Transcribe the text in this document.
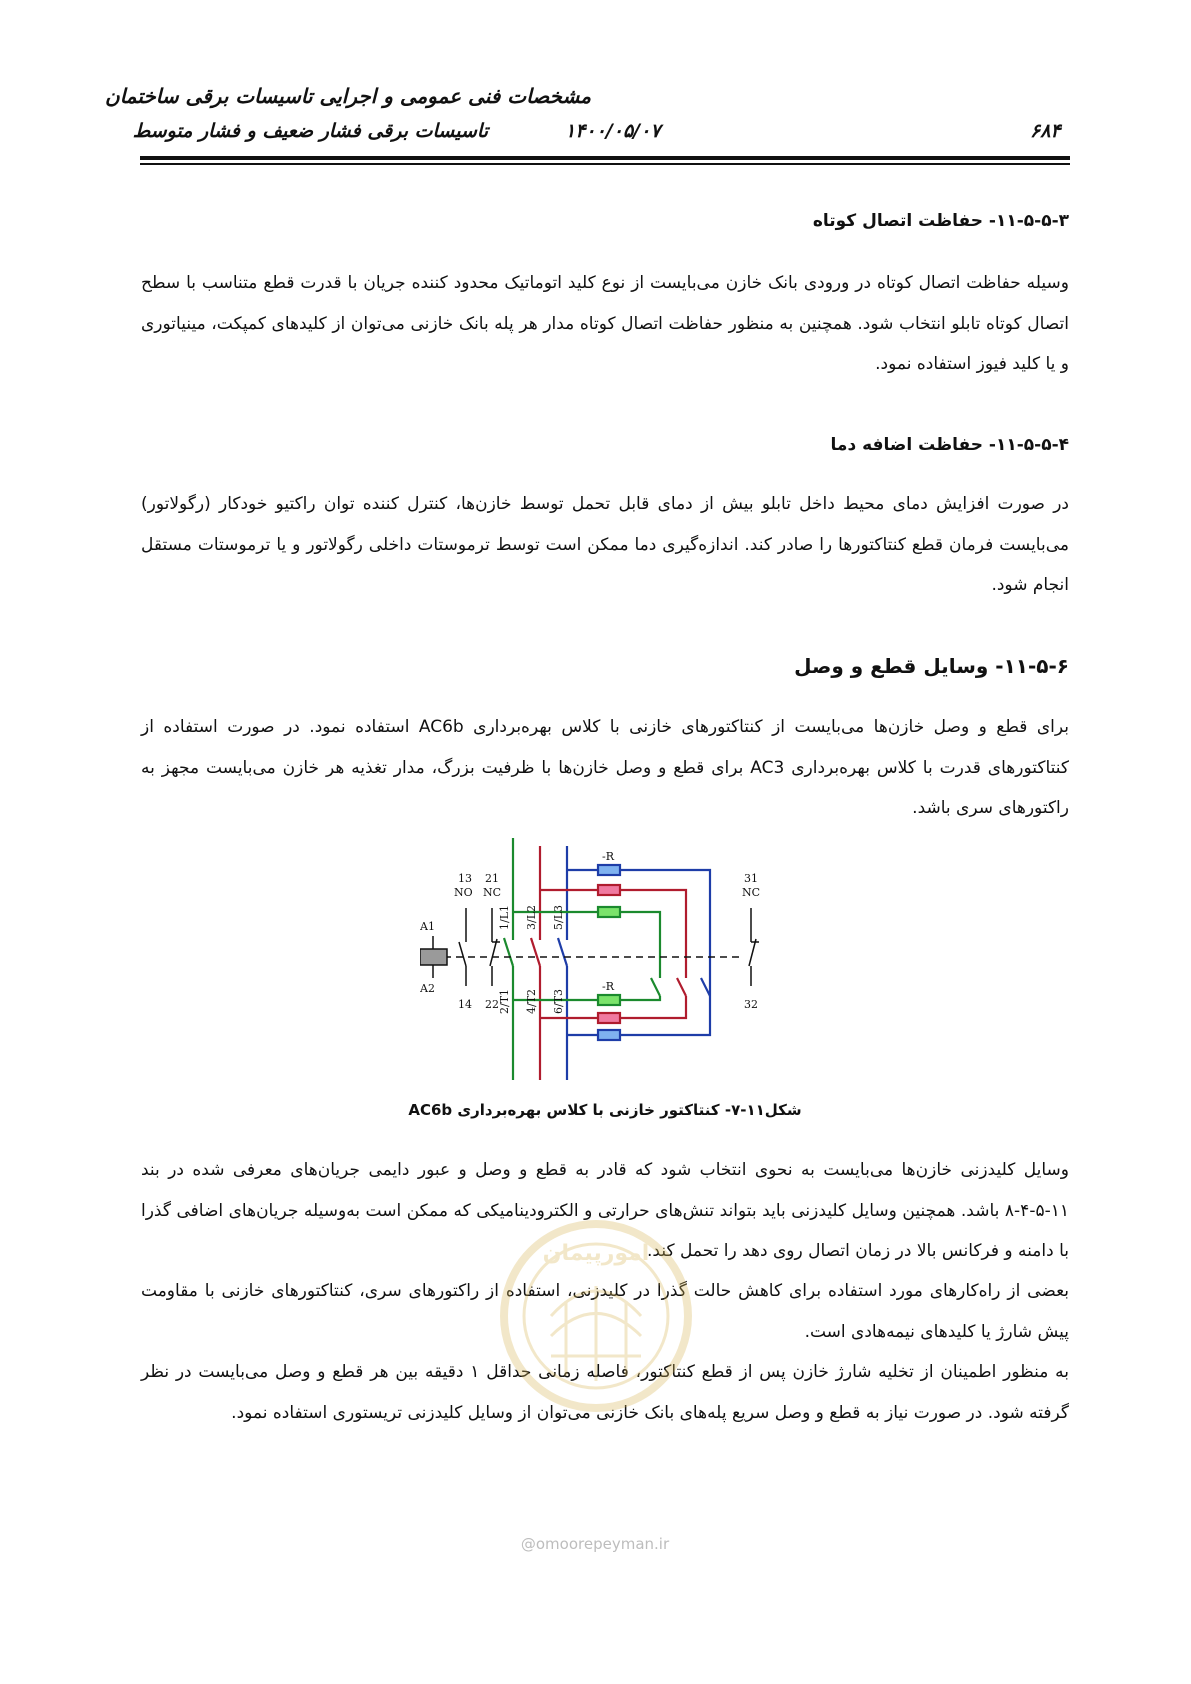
مشخصات فنی عمومی و اجرایی تاسیسات برقی ساختمان
تاسیسات برقی فشار ضعیف و فشار متوسط	۱۴۰۰/۰۵/۰۷	۶۸۴
۱۱-۵-۵-۳- حفاظت اتصال کوتاه

وسیله حفاظت اتصال کوتاه در ورودی بانک خازن می‌بایست از نوع کلید اتوماتیک محدود کننده جریان با قدرت قطع متناسب با سطح اتصال کوتاه تابلو انتخاب شود. همچنین به منظور حفاظت اتصال کوتاه مدار هر پله بانک خازنی می‌توان از کلیدهای کمپکت، مینیاتوری و یا کلید فیوز استفاده نمود.

۱۱-۵-۵-۴- حفاظت اضافه دما

در صورت افزایش دمای محیط داخل تابلو بیش از دمای قابل تحمل توسط خازن‌ها، کنترل کننده توان راکتیو خودکار (رگولاتور) می‌بایست فرمان قطع کنتاکتورها را صادر کند. اندازه‌گیری دما ممکن است توسط ترموستات داخلی رگولاتور و یا ترموستات مستقل انجام شود.

۱۱-۵-۶- وسایل قطع و وصل

برای قطع و وصل خازن‌ها می‌بایست از کنتاکتورهای خازنی با کلاس بهره‌برداری AC6b استفاده نمود. در صورت استفاده از کنتاکتورهای قدرت با کلاس بهره‌برداری AC3 برای قطع و وصل خازن‌ها با ظرفیت بزرگ، مدار تغذیه هر خازن می‌بایست مجهز به راکتورهای سری باشد.

A1
A2
13 21
NO NC
14 22
31
NC
32
1/L1 3/L2 5/L3
2/T1 4/T2 6/T3
-R
-R
شکل۱۱-۷- کنتاکتور خازنی با کلاس بهره‌برداری AC6b

وسایل کلیدزنی خازن‌ها می‌بایست به نحوی انتخاب شود که قادر به قطع و وصل و عبور دایمی جریان‌های معرفی شده در بند ۱۱-۵-۴-۸ باشد. همچنین وسایل کلیدزنی باید بتواند تنش‌های حرارتی و الکترودینامیکی که ممکن است به‌وسیله جریان‌های اضافی گذرا با دامنه و فرکانس بالا در زمان اتصال روی دهد را تحمل کند.

بعضی از راه‌کارهای مورد استفاده برای کاهش حالت گذرا در کلیدزنی، استفاده از راکتورهای سری، کنتاکتورهای خازنی با مقاومت پیش شارژ یا کلیدهای نیمه‌هادی است.

به منظور اطمینان از تخلیه شارژ خازن پس از قطع کنتاکتور، فاصله زمانی حداقل ۱ دقیقه بین هر قطع و وصل می‌بایست در نظر گرفته شود. در صورت نیاز به قطع و وصل سریع پله‌های بانک خازنی می‌توان از وسایل کلیدزنی تریستوری استفاده نمود.

امورپیمان
@omoorepeyman.ir
